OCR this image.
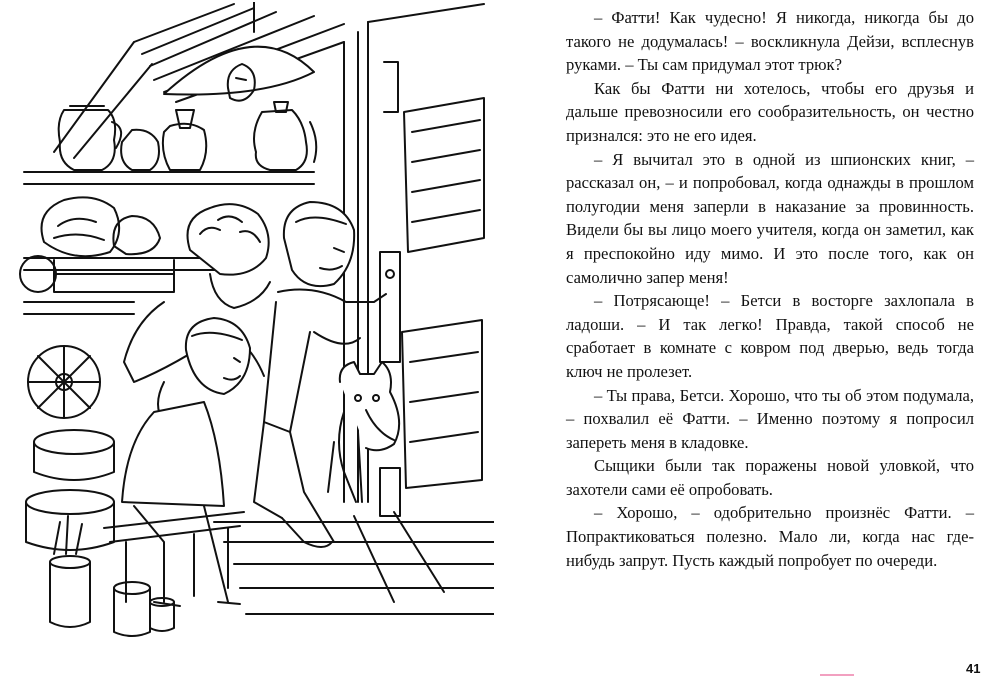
– Фатти! Как чудесно! Я никогда, никогда бы до такого не додумалась! – воскликнула Дейзи, всплеснув руками. – Ты сам придумал этот трюк?

Как бы Фатти ни хотелось, чтобы его друзья и дальше превозносили его сообразительность, он честно признался: это не его идея.

– Я вычитал это в одной из шпионских книг, – рассказал он, – и попробовал, когда однажды в прошлом полугодии меня заперли в наказание за провинность. Видели бы вы лицо моего учителя, когда он заметил, как я преспокойно иду мимо. И это после того, как он самолично запер меня!

– Потрясающе! – Бетси в восторге захлопала в ладоши. – И так легко! Правда, такой способ не сработает в комнате с ковром под дверью, ведь тогда ключ не пролезет.

– Ты права, Бетси. Хорошо, что ты об этом подумала, – похвалил её Фатти. – Именно поэтому я попросил запереть меня в кладовке.

Сыщики были так поражены новой уловкой, что захотели сами её опробовать.

– Хорошо, – одобрительно произнёс Фатти. – Попрактиковаться полезно. Мало ли, когда нас где-нибудь запрут. Пусть каждый попробует по очереди.

41
